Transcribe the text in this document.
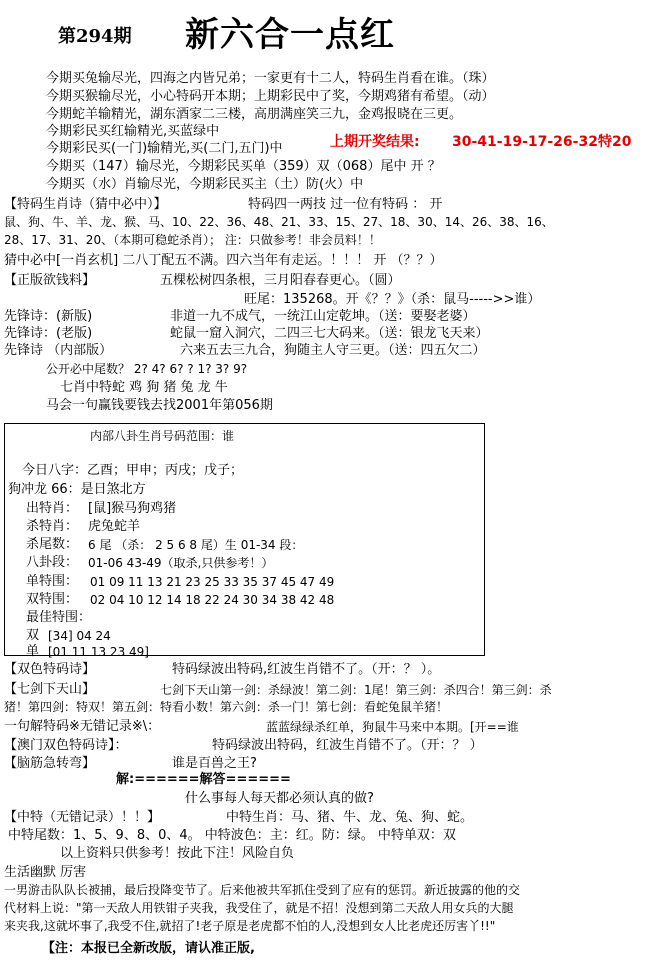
第294期 新六合一点红
今期买兔输尽光，四海之内皆兄弟；一家更有十二人，特码生肖看在谁。（珠）
今期买猴输尽光，小心特码开本期；上期彩民中了奖，今期鸡猪有希望。（动）
今期蛇羊输精光，湖东酒家二三楼，高朋满座笑三九，金鸡报晓在三更。
今期彩民买红输精光,买蓝绿中
今期彩民买(一门)输精光,买(二门,五门)中
今期买（147）输尽光，今期彩民买单（359）双（068）尾中 开 ？
今期买（水）肖输尽光，今期彩民买主（土）防(火）中
上期开奖结果: 30-41-19-17-26-32特20
【特码生肖诗（猜中必中）】	特码四一两技 过一位有特码 ： 开
鼠、狗、牛、羊、龙、猴、马、10、22、36、48、21、33、15、27、18、30、14、26、38、16、
28、17、31、20、（本期可稳蛇杀肖）； 注：只做参考！非会员料！！
猜中必中[一肖玄机] 二八丁配五不满。四六当年有走运。！！！ 开 （？？）
【正版欲钱料】	五棵松树四条根，三月阳春春更心。（圆）
旺尾：135268。开《？？》（杀：鼠马----->>谁）
先锋诗：(新版)	非道一九不成气，一统江山定乾坤。（送：要娶老婆）
先锋诗：(老版)	蛇鼠一窟入洞穴，二四三七大码来。（送：银龙飞天来）
先锋诗 （内部版）	六来五去三九合，狗随主人守三更。（送：四五欠二）
公开必中尾数？ 2? 4? 6? ? 1? 3? 9?
七肖中特蛇 鸡 狗 猪 兔 龙 牛
马会一句赢钱要钱去找2001年第056期
内部八卦生肖号码范围：谁
今日八字：乙酉；甲申；丙戌；戊子；
狗冲龙 66：是日煞北方
出特肖： [鼠]猴马狗鸡猪
杀特肖： 虎兔蛇羊
杀尾数： 6 尾 （杀： 2 5 6 8 尾）生 01-34 段：
八卦段： 01-06 43-49（取杀,只供参考！）
单特围： 01 09 11 13 21 23 25 33 35 37 45 47 49
双特围： 02 04 10 12 14 18 22 24 30 34 38 42 48
最佳特围：
双 [34] 04 24
单 [01 11 13 23 49]
【双色特码诗】	特码绿波出特码,红波生肖错不了。（开：？ ）。
【七剑下天山】	七剑下天山第一剑：杀绿波！第二剑：1尾！第三剑：杀四合！第三剑：杀
猪！第四剑：特双！第五剑：特看小数！第六剑：杀一门！第七剑：看蛇兔鼠羊猪！
一句解特码※无错记录※\：	蓝蓝绿绿杀红单，狗鼠牛马来中本期。[开==谁
【澳门双色特码诗】：	特码绿波出特码，红波生肖错不了。（开：？ ）
【脑筋急转弯】	谁是百兽之王?
解:======解答======
什么事每人每天都必须认真的做?
【中特（无错记录）！！】	中特生肖：马、猪、牛、龙、兔、狗、蛇。
中特尾数：1、5、9、8、0、4。 中特波色：主：红。防：绿。 中特单双：双
以上资料只供参考！按此下注！风险自负
生活幽默 厉害
一男游击队队长被捕，最后投降变节了。后来他被共军抓住受到了应有的惩罚。新近披露的他的交
代材料上说："第一天敌人用铁钳子夹我，我受住了，就是不招！没想到第二天敌人用女兵的大腿
来夹我,这就坏事了,我受不住,就招了!老子原是老虎都不怕的人,没想到女人比老虎还厉害丫!!"
【注：本报已全新改版，请认准正版,
